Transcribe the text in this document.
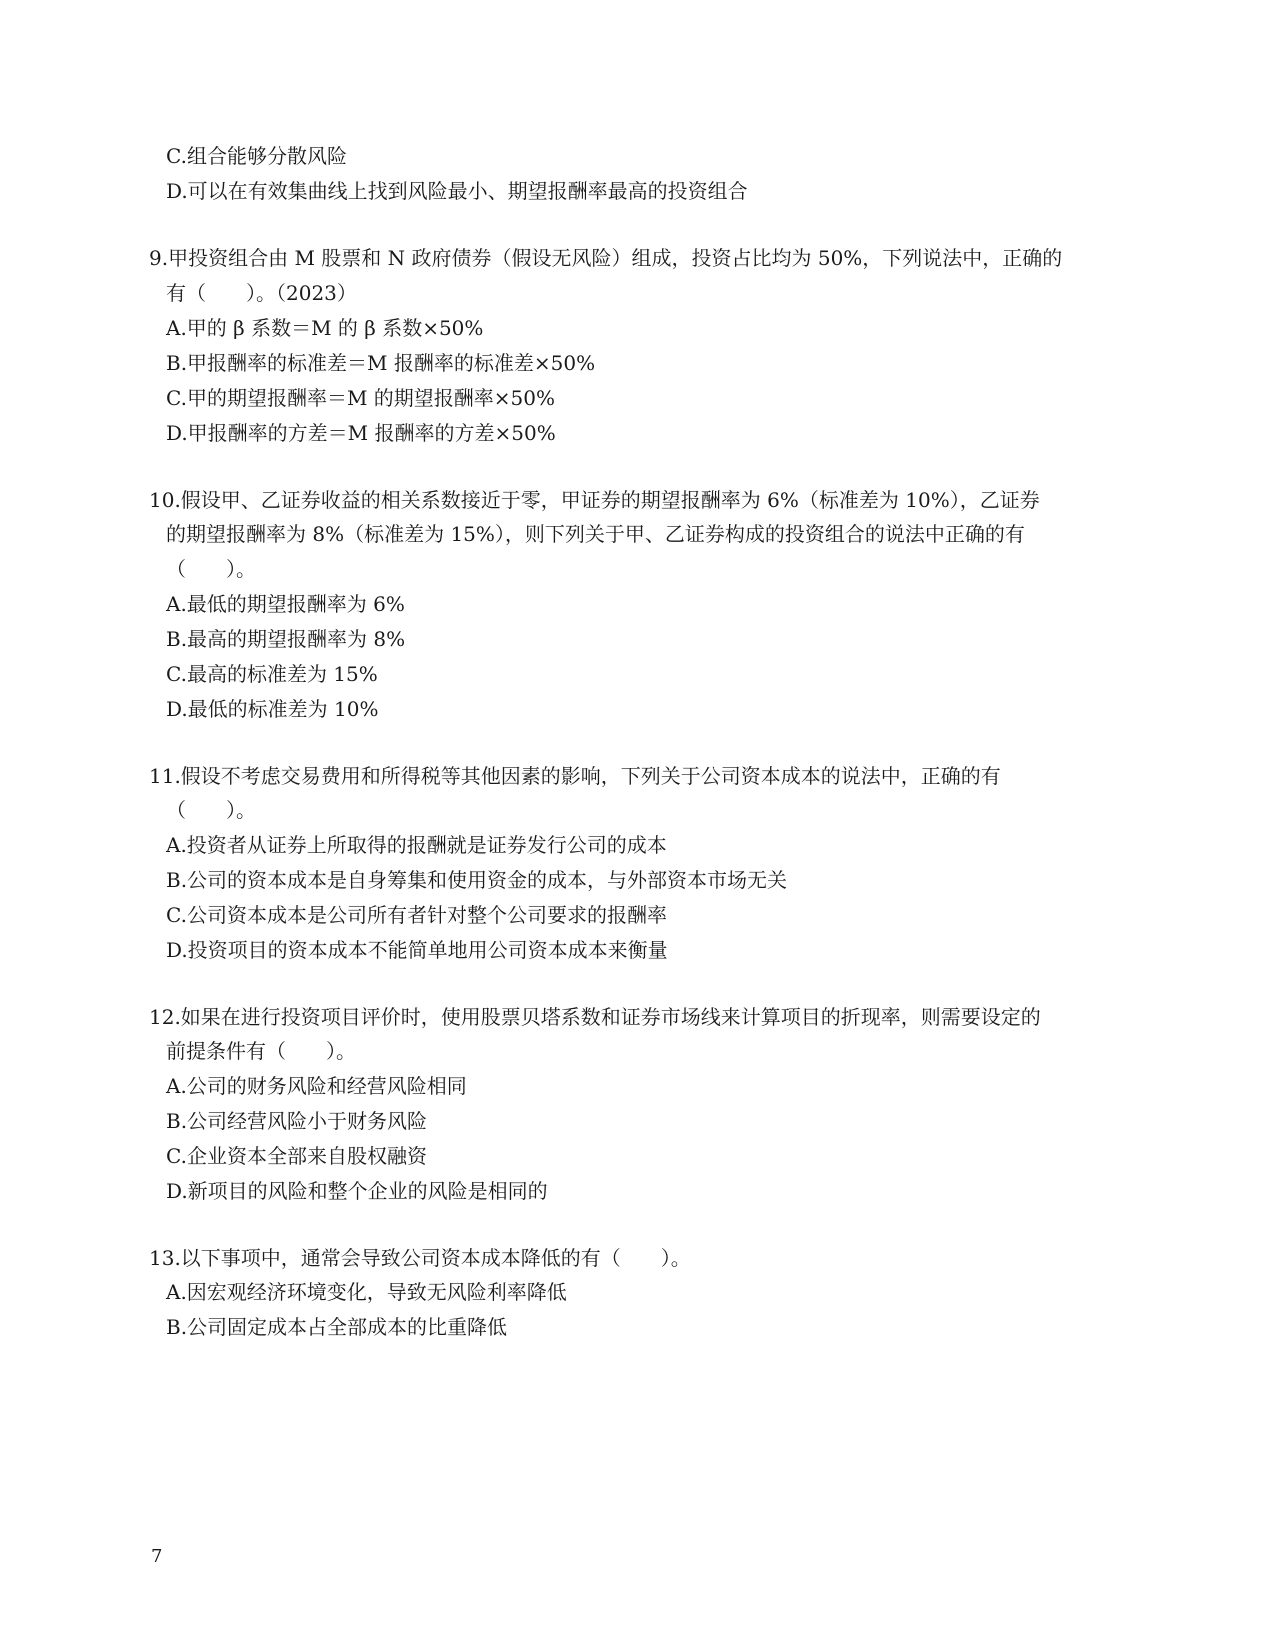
C.组合能够分散风险
D.可以在有效集曲线上找到风险最小、期望报酬率最高的投资组合
9.甲投资组合由 M 股票和 N 政府债券（假设无风险）组成，投资占比均为 50%，下列说法中，正确的
有（　　）。（2023）
A.甲的 β 系数＝M 的 β 系数×50%
B.甲报酬率的标准差＝M 报酬率的标准差×50%
C.甲的期望报酬率＝M 的期望报酬率×50%
D.甲报酬率的方差＝M 报酬率的方差×50%
10.假设甲、乙证券收益的相关系数接近于零，甲证券的期望报酬率为 6%（标准差为 10%），乙证券
的期望报酬率为 8%（标准差为 15%），则下列关于甲、乙证券构成的投资组合的说法中正确的有
（　　）。
A.最低的期望报酬率为 6%
B.最高的期望报酬率为 8%
C.最高的标准差为 15%
D.最低的标准差为 10%
11.假设不考虑交易费用和所得税等其他因素的影响，下列关于公司资本成本的说法中，正确的有
（　　）。
A.投资者从证券上所取得的报酬就是证券发行公司的成本
B.公司的资本成本是自身筹集和使用资金的成本，与外部资本市场无关
C.公司资本成本是公司所有者针对整个公司要求的报酬率
D.投资项目的资本成本不能简单地用公司资本成本来衡量
12.如果在进行投资项目评价时，使用股票贝塔系数和证券市场线来计算项目的折现率，则需要设定的
前提条件有（　　）。
A.公司的财务风险和经营风险相同
B.公司经营风险小于财务风险
C.企业资本全部来自股权融资
D.新项目的风险和整个企业的风险是相同的
13.以下事项中，通常会导致公司资本成本降低的有（　　）。
A.因宏观经济环境变化，导致无风险利率降低
B.公司固定成本占全部成本的比重降低
7
